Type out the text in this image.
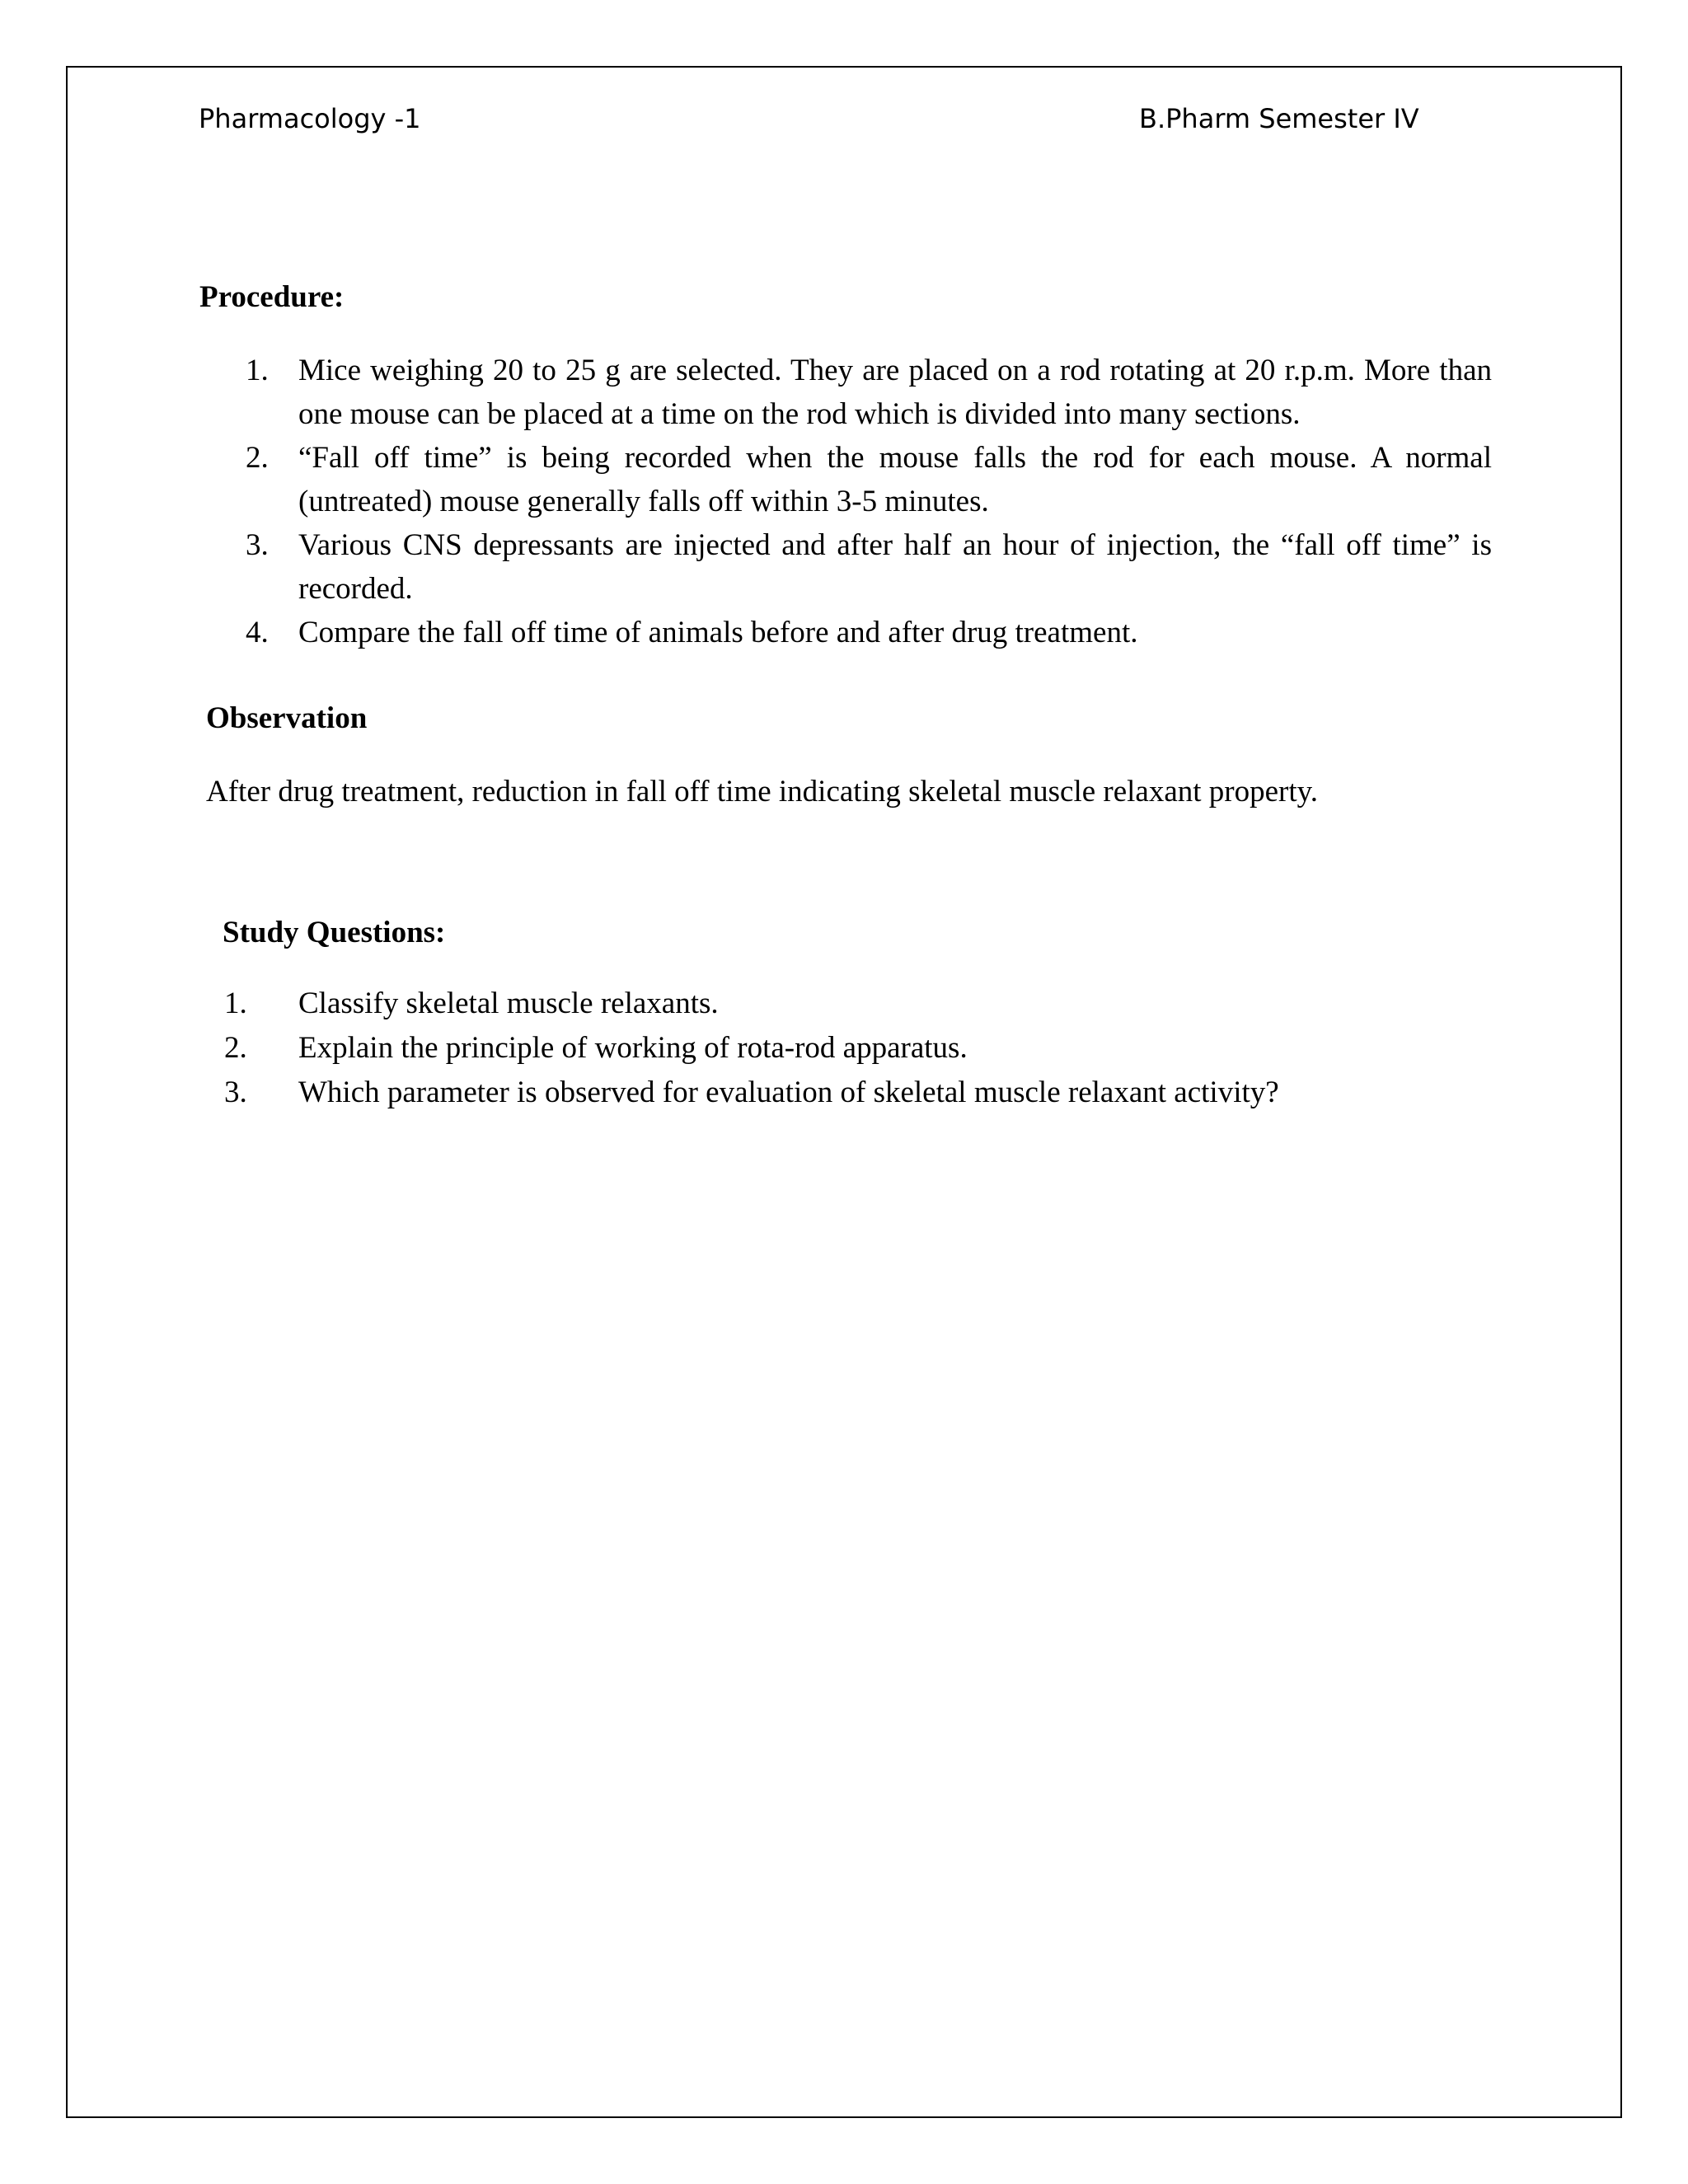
Pharmacology -1	B.Pharm Semester IV
Procedure:
1. Mice weighing 20 to 25 g are selected. They are placed on a rod rotating at 20 r.p.m. More than one mouse can be placed at a time on the rod which is divided into many sections.
2. “Fall off time” is being recorded when the mouse falls the rod for each mouse. A normal (untreated) mouse generally falls off within 3-5 minutes.
3. Various CNS depressants are injected and after half an hour of injection, the “fall off time” is recorded.
4. Compare the fall off time of animals before and after drug treatment.
Observation
After drug treatment, reduction in fall off time indicating skeletal muscle relaxant property.
Study Questions:
1. Classify skeletal muscle relaxants.
2. Explain the principle of working of rota-rod apparatus.
3. Which parameter is observed for evaluation of skeletal muscle relaxant activity?
